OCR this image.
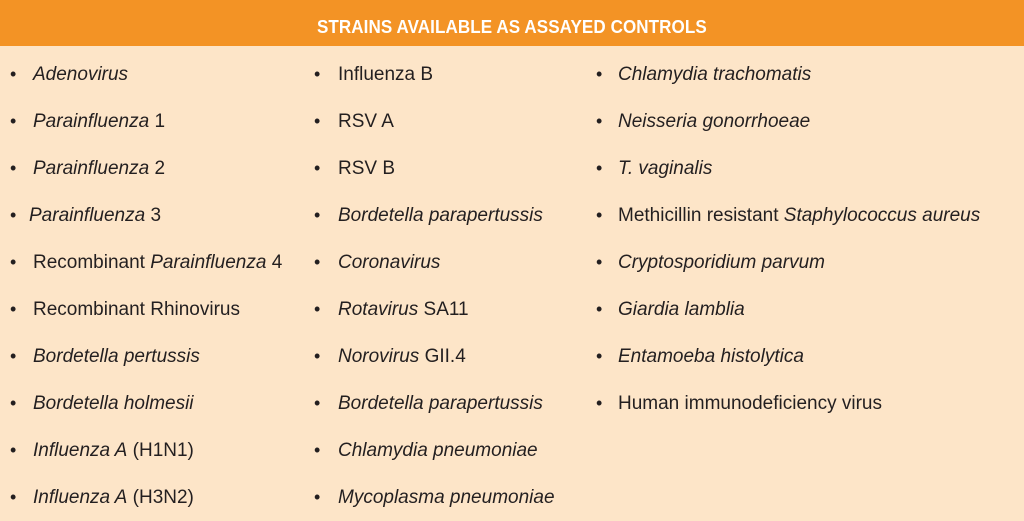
STRAINS AVAILABLE AS ASSAYED CONTROLS
• Adenovirus
• Parainfluenza 1
• Parainfluenza 2
• Parainfluenza 3
• Recombinant Parainfluenza 4
• Recombinant Rhinovirus
• Bordetella pertussis
• Bordetella holmesii
• Influenza A (H1N1)
• Influenza A (H3N2)
• Influenza B
• RSV A
• RSV B
• Bordetella parapertussis
• Coronavirus
• Rotavirus SA11
• Norovirus GII.4
• Bordetella parapertussis
• Chlamydia pneumoniae
• Mycoplasma pneumoniae
• Chlamydia trachomatis
• Neisseria gonorrhoeae
• T. vaginalis
• Methicillin resistant Staphylococcus aureus
• Cryptosporidium parvum
• Giardia lamblia
• Entamoeba histolytica
• Human immunodeficiency virus
